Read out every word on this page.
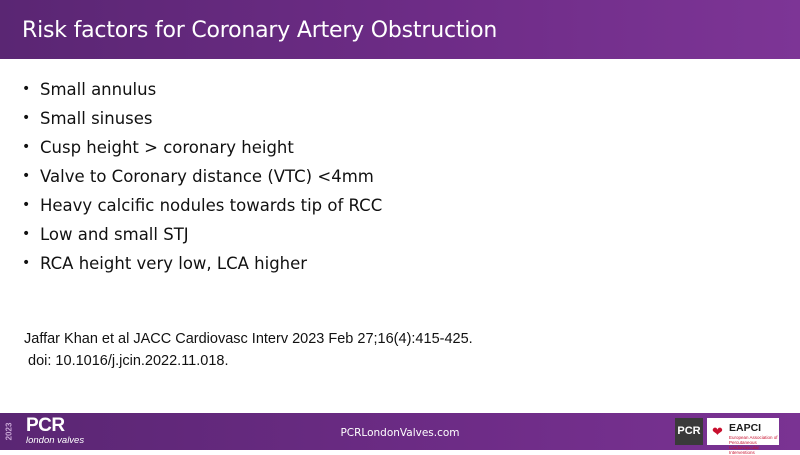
Risk factors for Coronary Artery Obstruction
• Small annulus
• Small sinuses
• Cusp height > coronary height
• Valve to Coronary distance (VTC) <4mm
• Heavy calcific nodules towards tip of RCC
• Low and small STJ
• RCA height very low, LCA higher
Jaffar Khan et al JACC Cardiovasc Interv 2023 Feb 27;16(4):415-425.
doi: 10.1016/j.jcin.2022.11.018.
2023 PCR
london valves
PCRLondonValves.com	PCR ❤ EAPCI
European Association of Percutaneous Cardiovascular Interventions
